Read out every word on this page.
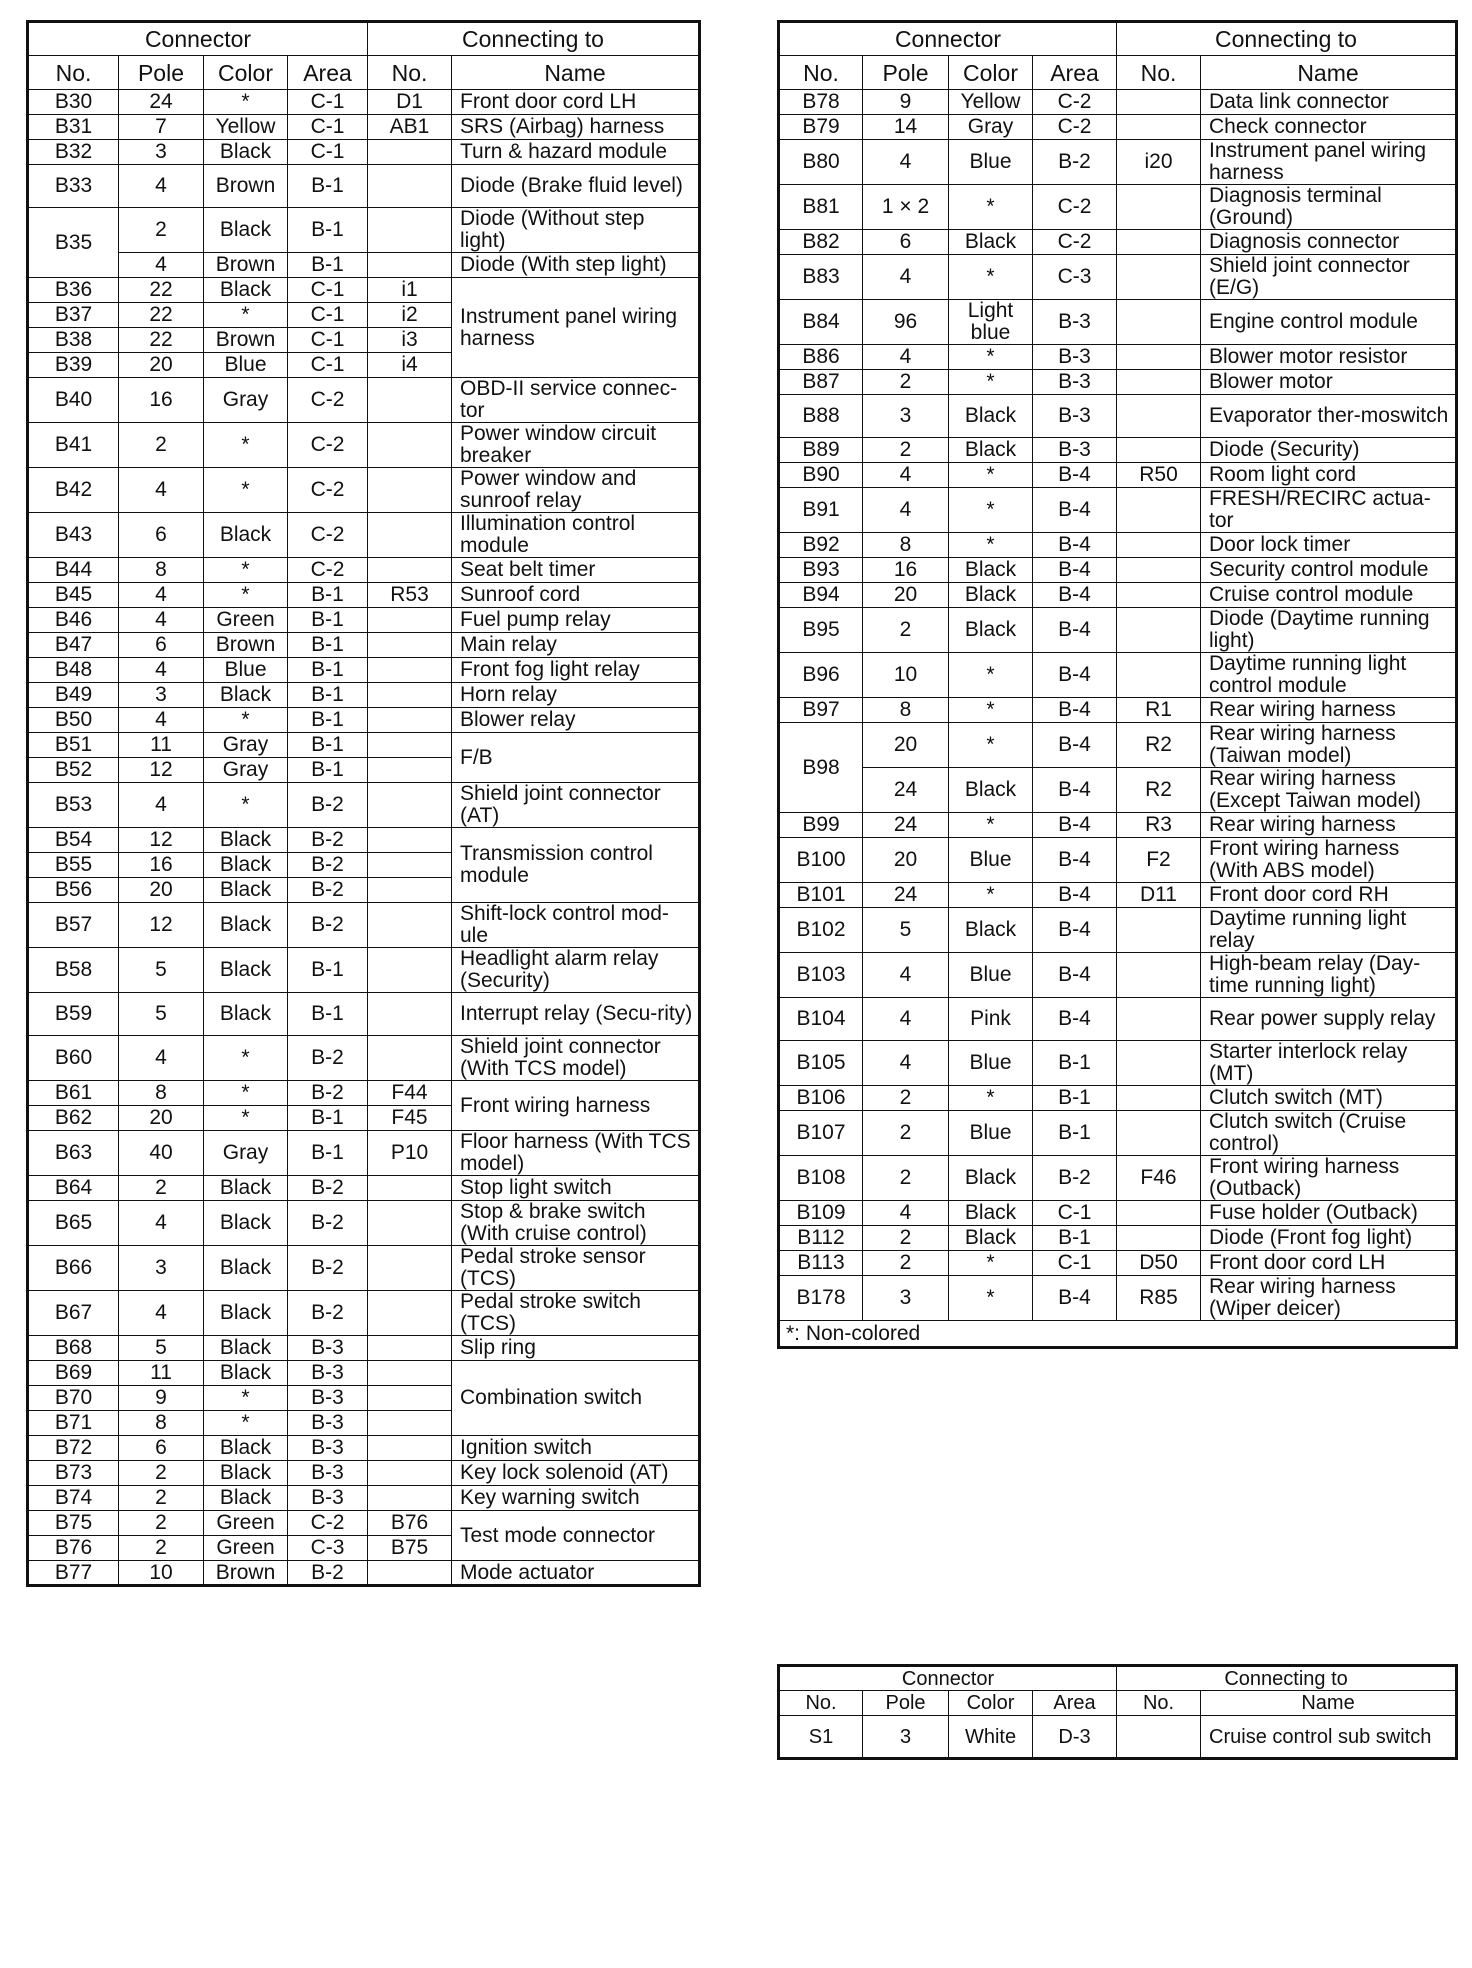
Connector				Connecting to	
No.	Pole	Color	Area	No.	Name
B30	24	*	C-1	D1	Front door cord LH
B31	7	Yellow	C-1	AB1	SRS (Airbag) harness
B32	3	Black	C-1		Turn & hazard module
B33	4	Brown	B-1		Diode (Brake fluid level)
B35	2	Black	B-1		Diode (Without step light)
	4	Brown	B-1		Diode (With step light)
B36	22	Black	C-1	i1	Instrument panel wiring harness
B37	22	*	C-1	i2	
B38	22	Brown	C-1	i3	
B39	20	Blue	C-1	i4	
B40	16	Gray	C-2		OBD-II service connec-tor
B41	2	*	C-2		Power window circuit breaker
B42	4	*	C-2		Power window and sunroof relay
B43	6	Black	C-2		Illumination control module
B44	8	*	C-2		Seat belt timer
B45	4	*	B-1	R53	Sunroof cord
B46	4	Green	B-1		Fuel pump relay
B47	6	Brown	B-1		Main relay
B48	4	Blue	B-1		Front fog light relay
B49	3	Black	B-1		Horn relay
B50	4	*	B-1		Blower relay
B51	11	Gray	B-1		F/B
B52	12	Gray	B-1		
B53	4	*	B-2		Shield joint connector (AT)
B54	12	Black	B-2		Transmission control module
B55	16	Black	B-2		
B56	20	Black	B-2		
B57	12	Black	B-2		Shift-lock control mod-ule
B58	5	Black	B-1		Headlight alarm relay (Security)
B59	5	Black	B-1		Interrupt relay (Secu-rity)
B60	4	*	B-2		Shield joint connector (With TCS model)
B61	8	*	B-2	F44	Front wiring harness
B62	20	*	B-1	F45	
B63	40	Gray	B-1	P10	Floor harness (With TCS model)
B64	2	Black	B-2		Stop light switch
B65	4	Black	B-2		Stop & brake switch (With cruise control)
B66	3	Black	B-2		Pedal stroke sensor (TCS)
B67	4	Black	B-2		Pedal stroke switch (TCS)
B68	5	Black	B-3		Slip ring
B69	11	Black	B-3		Combination switch
B70	9	*	B-3		
B71	8	*	B-3		
B72	6	Black	B-3		Ignition switch
B73	2	Black	B-3		Key lock solenoid (AT)
B74	2	Black	B-3		Key warning switch
B75	2	Green	C-2	B76	Test mode connector
B76	2	Green	C-3	B75	
B77	10	Brown	B-2		Mode actuator
Connector				Connecting to	
No.	Pole	Color	Area	No.	Name
B78	9	Yellow	C-2		Data link connector
B79	14	Gray	C-2		Check connector
B80	4	Blue	B-2	i20	Instrument panel wiring harness
B81	1 × 2	*	C-2		Diagnosis terminal (Ground)
B82	6	Black	C-2		Diagnosis connector
B83	4	*	C-3		Shield joint connector (E/G)
B84	96	Light blue	B-3		Engine control module
B86	4	*	B-3		Blower motor resistor
B87	2	*	B-3		Blower motor
B88	3	Black	B-3		Evaporator ther-moswitch
B89	2	Black	B-3		Diode (Security)
B90	4	*	B-4	R50	Room light cord
B91	4	*	B-4		FRESH/RECIRC actua-tor
B92	8	*	B-4		Door lock timer
B93	16	Black	B-4		Security control module
B94	20	Black	B-4		Cruise control module
B95	2	Black	B-4		Diode (Daytime running light)
B96	10	*	B-4		Daytime running light control module
B97	8	*	B-4	R1	Rear wiring harness
B98	20	*	B-4	R2	Rear wiring harness (Taiwan model)
	24	Black	B-4	R2	Rear wiring harness (Except Taiwan model)
B99	24	*	B-4	R3	Rear wiring harness
B100	20	Blue	B-4	F2	Front wiring harness (With ABS model)
B101	24	*	B-4	D11	Front door cord RH
B102	5	Black	B-4		Daytime running light relay
B103	4	Blue	B-4		High-beam relay (Day-time running light)
B104	4	Pink	B-4		Rear power supply relay
B105	4	Blue	B-1		Starter interlock relay (MT)
B106	2	*	B-1		Clutch switch (MT)
B107	2	Blue	B-1		Clutch switch (Cruise control)
B108	2	Black	B-2	F46	Front wiring harness (Outback)
B109	4	Black	C-1		Fuse holder (Outback)
B112	2	Black	B-1		Diode (Front fog light)
B113	2	*	C-1	D50	Front door cord LH
B178	3	*	B-4	R85	Rear wiring harness (Wiper deicer)
*: Non-colored					
Connector				Connecting to	
No.	Pole	Color	Area	No.	Name
S1	3	White	D-3		Cruise control sub switch
